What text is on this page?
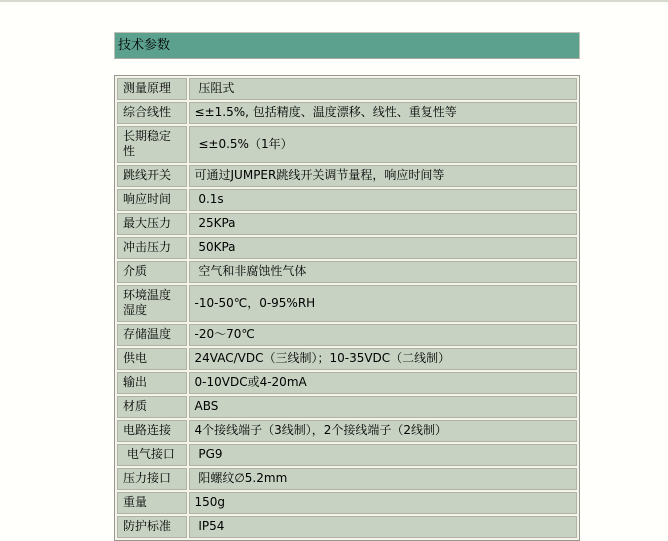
技术参数
测量原理	压阻式
综合线性	≤±1.5%, 包括精度、温度漂移、线性、重复性等
长期稳定性	≤±0.5%（1年）
跳线开关	可通过JUMPER跳线开关调节量程，响应时间等
响应时间	0.1s
最大压力	25KPa
冲击压力	50KPa
介质	空气和非腐蚀性气体
环境温度湿度	-10-50℃，0-95%RH
存储温度	-20～70℃
供电	24VAC/VDC（三线制）；10-35VDC（二线制）
输出	0-10VDC或4-20mA
材质	ABS
电路连接	4个接线端子（3线制），2个接线端子（2线制）
电气接口	PG9
压力接口	阳螺纹∅5.2mm
重量	150g
防护标准	IP54
